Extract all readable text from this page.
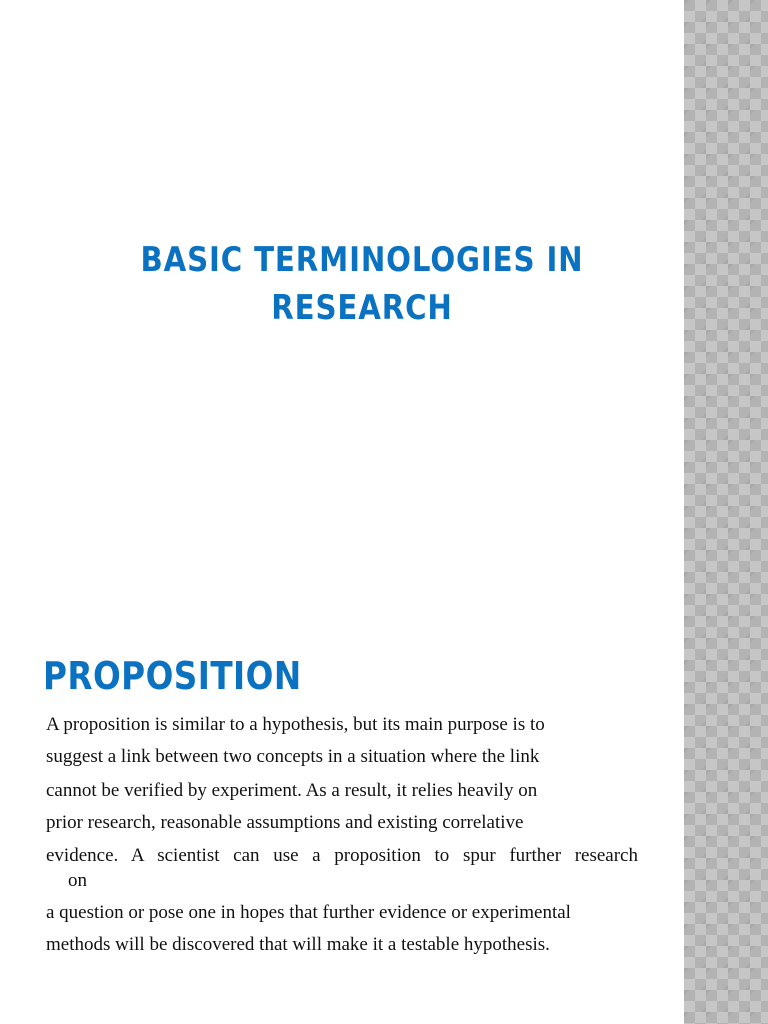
BASIC TERMINOLOGIES IN
RESEARCH
PROPOSITION
A proposition is similar to a hypothesis, but its main purpose is to
suggest a link between two concepts in a situation where the link
cannot be verified by experiment. As a result, it relies heavily on
prior research, reasonable assumptions and existing correlative
evidence. A scientist can use a proposition to spur further research
on
a question or pose one in hopes that further evidence or experimental
methods will be discovered that will make it a testable hypothesis.
